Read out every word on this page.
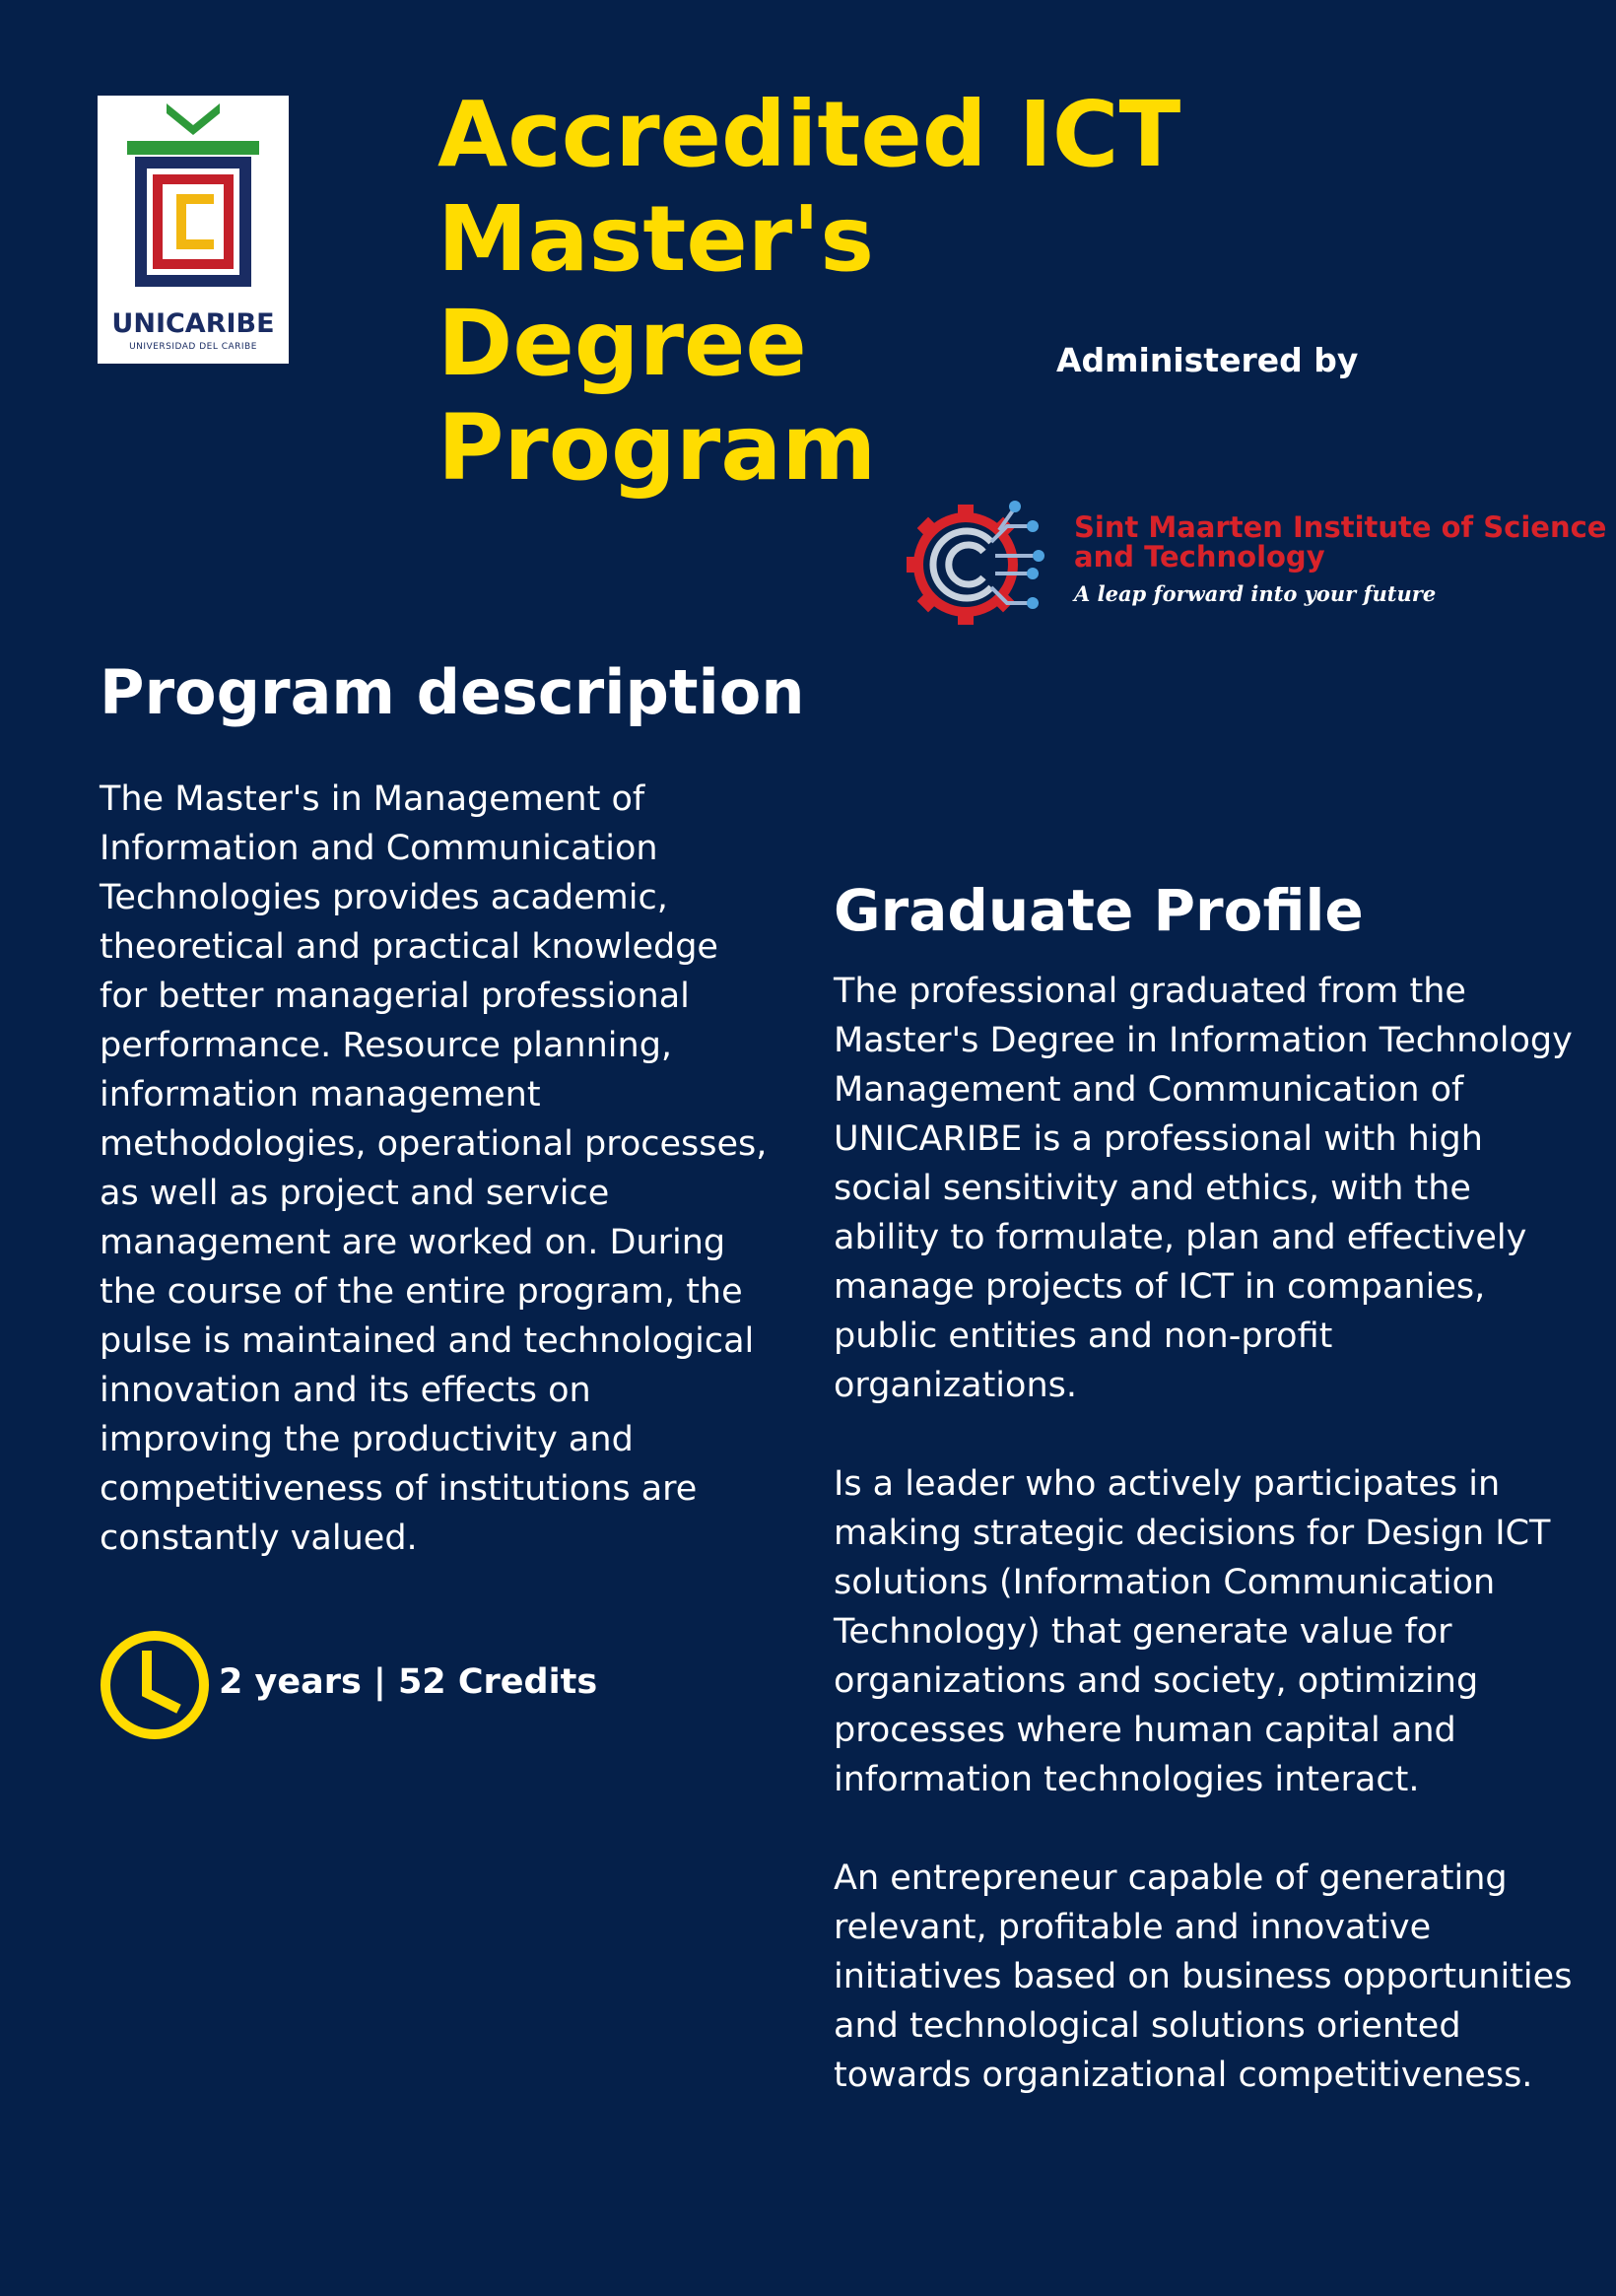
UNICARIBE
UNIVERSIDAD DEL CARIBE
Accredited ICT
Master's
Degree
Program
Administered by
Sint Maarten Institute of Science
and Technology
A leap forward into your future
Program description
The Master's in Management of
Information and Communication
Technologies provides academic,
theoretical and practical knowledge
for better managerial professional
performance. Resource planning,
information management
methodologies, operational processes,
as well as project and service
management are worked on. During
the course of the entire program, the
pulse is maintained and technological
innovation and its effects on
improving the productivity and
competitiveness of institutions are
constantly valued.
2 years | 52 Credits
Graduate Profile
The professional graduated from the
Master's Degree in Information Technology
Management and Communication of
UNICARIBE is a professional with high
social sensitivity and ethics, with the
ability to formulate, plan and effectively
manage projects of ICT in companies,
public entities and non-profit
organizations.
Is a leader who actively participates in
making strategic decisions for Design ICT
solutions (Information Communication
Technology) that generate value for
organizations and society, optimizing
processes where human capital and
information technologies interact.
An entrepreneur capable of generating
relevant, profitable and innovative
initiatives based on business opportunities
and technological solutions oriented
towards organizational competitiveness.
